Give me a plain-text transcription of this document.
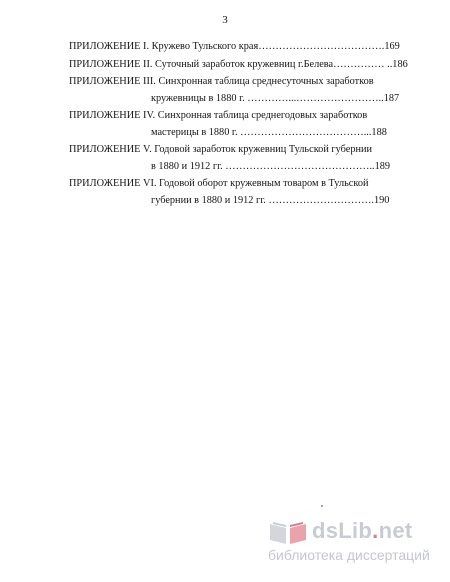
3
ПРИЛОЖЕНИЕ I. Кружево Тульского края……………………………….169
ПРИЛОЖЕНИЕ II. Суточный заработок кружевниц г.Белева…………… ..186
ПРИЛОЖЕНИЕ III. Синхронная таблица среднесуточных заработков
кружевницы в 1880 г. …………...……………………..187
ПРИЛОЖЕНИЕ IV. Синхронная таблица среднегодовых заработков
мастерицы в 1880 г. ………………………………...188
ПРИЛОЖЕНИЕ V. Годовой заработок кружевниц Тульской губернии
в 1880 и 1912 гг. ……………………………………..189
ПРИЛОЖЕНИЕ VI. Годовой оборот кружевным товаром в Тульской
губернии в 1880 и 1912 гг. ………………………….190
dsLib.net
библиотека диссертаций
